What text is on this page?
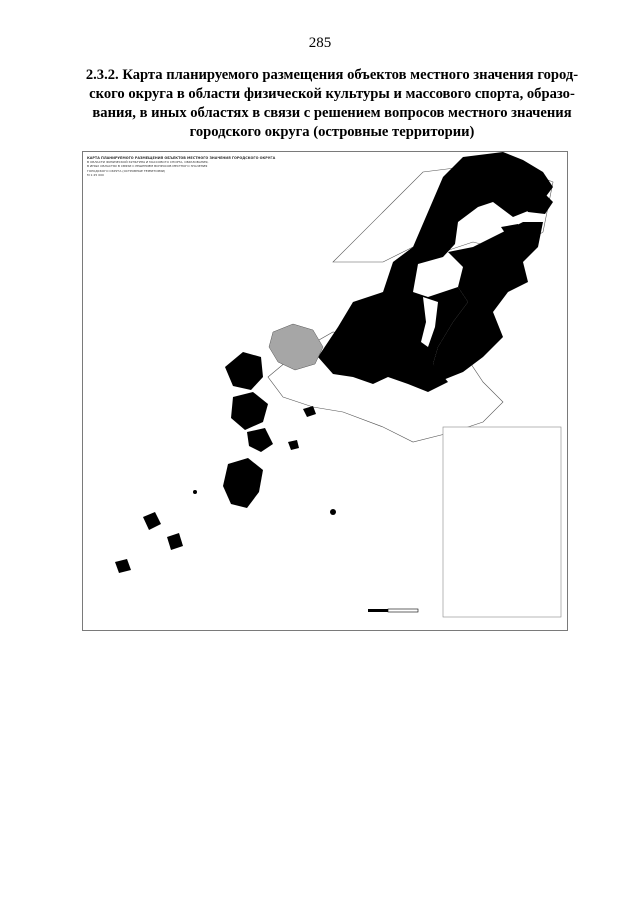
285
2.3.2. Карта планируемого размещения объектов местного значения город-
ского округа в области физической культуры и массового спорта, образо-
вания, в иных областях в связи с решением вопросов местного значения
городского округа (островные территории)
КАРТА ПЛАНИРУЕМОГО РАЗМЕЩЕНИЯ ОБЪЕКТОВ МЕСТНОГО ЗНАЧЕНИЯ ГОРОДСКОГО ОКРУГА
В ОБЛАСТИ ФИЗИЧЕСКОЙ КУЛЬТУРЫ И МАССОВОГО СПОРТА, ОБРАЗОВАНИЯ,
В ИНЫХ ОБЛАСТЯХ В СВЯЗИ С РЕШЕНИЕМ ВОПРОСОВ МЕСТНОГО ЗНАЧЕНИЯ
ГОРОДСКОГО ОКРУГА (ОСТРОВНЫЕ ТЕРРИТОРИИ)
М 1:25 000
